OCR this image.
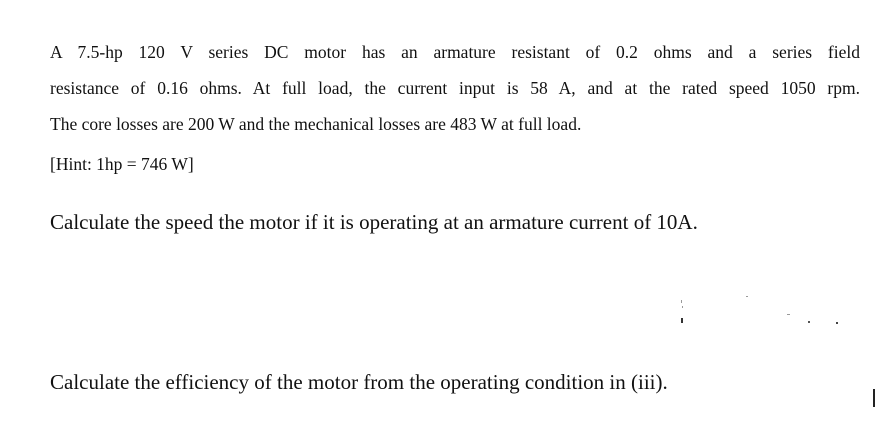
A 7.5-hp 120 V series DC motor has an armature resistant of 0.2 ohms and a series field
resistance of 0.16 ohms. At full load, the current input is 58 A, and at the rated speed 1050 rpm.
The core losses are 200 W and the mechanical losses are 483 W at full load.
[Hint: 1hp = 746 W]
Calculate the speed the motor if it is operating at an armature current of 10A.
Calculate the efficiency of the motor from the operating condition in (iii).
